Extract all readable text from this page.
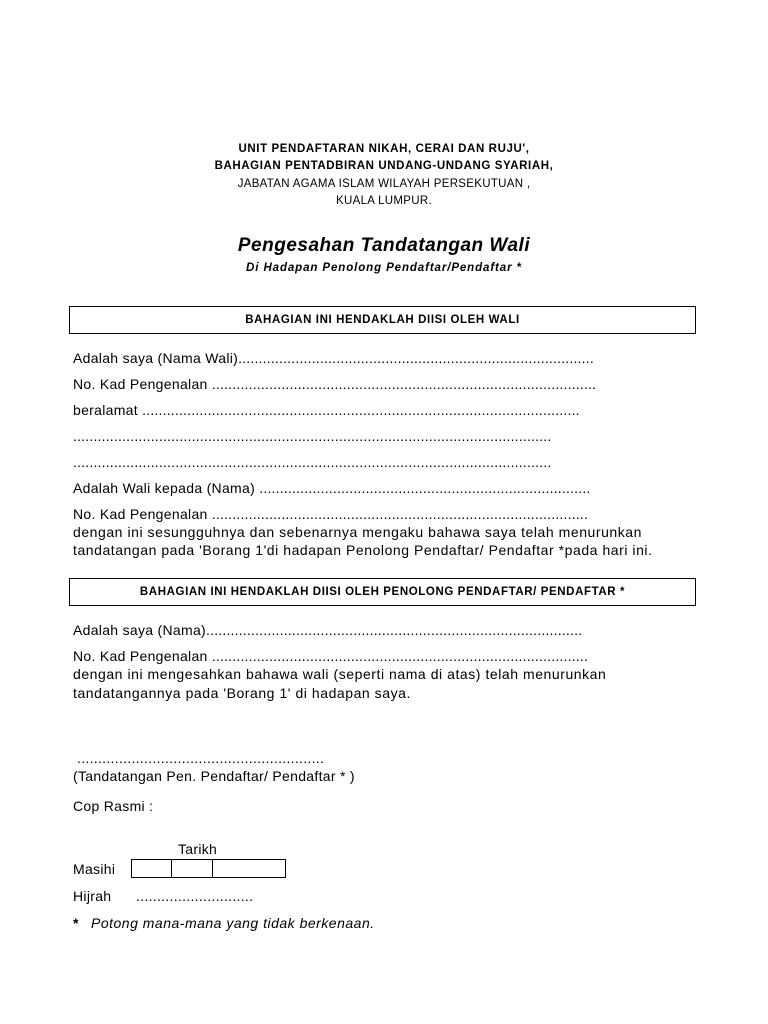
UNIT PENDAFTARAN NIKAH, CERAI DAN RUJU',
BAHAGIAN PENTADBIRAN UNDANG-UNDANG SYARIAH,
JABATAN AGAMA ISLAM WILAYAH PERSEKUTUAN ,
KUALA LUMPUR.
Pengesahan Tandatangan Wali
Di Hadapan Penolong Pendaftar/Pendaftar *
BAHAGIAN INI HENDAKLAH DIISI OLEH WALI
Adalah saya (Nama Wali).......................................................................................
No. Kad Pengenalan ..............................................................................................
beralamat ...........................................................................................................
.....................................................................................................................
.....................................................................................................................
Adalah Wali kepada (Nama) .................................................................................
No. Kad Pengenalan ............................................................................................
dengan ini sesungguhnya dan sebenarnya mengaku bahawa saya telah menurunkan
tandatangan pada 'Borang 1'di hadapan Penolong Pendaftar/ Pendaftar *pada hari ini.
BAHAGIAN INI HENDAKLAH DIISI OLEH PENOLONG PENDAFTAR/ PENDAFTAR *
Adalah saya (Nama)............................................................................................
No. Kad Pengenalan ............................................................................................
dengan ini mengesahkan bahawa wali (seperti nama di atas) telah menurunkan
tandatangannya pada 'Borang 1' di hadapan saya.
...........................................................
(Tandatangan Pen. Pendaftar/ Pendaftar * )
Cop Rasmi :
Tarikh
Masihi
Hijrah	............................
* Potong mana-mana yang tidak berkenaan.
